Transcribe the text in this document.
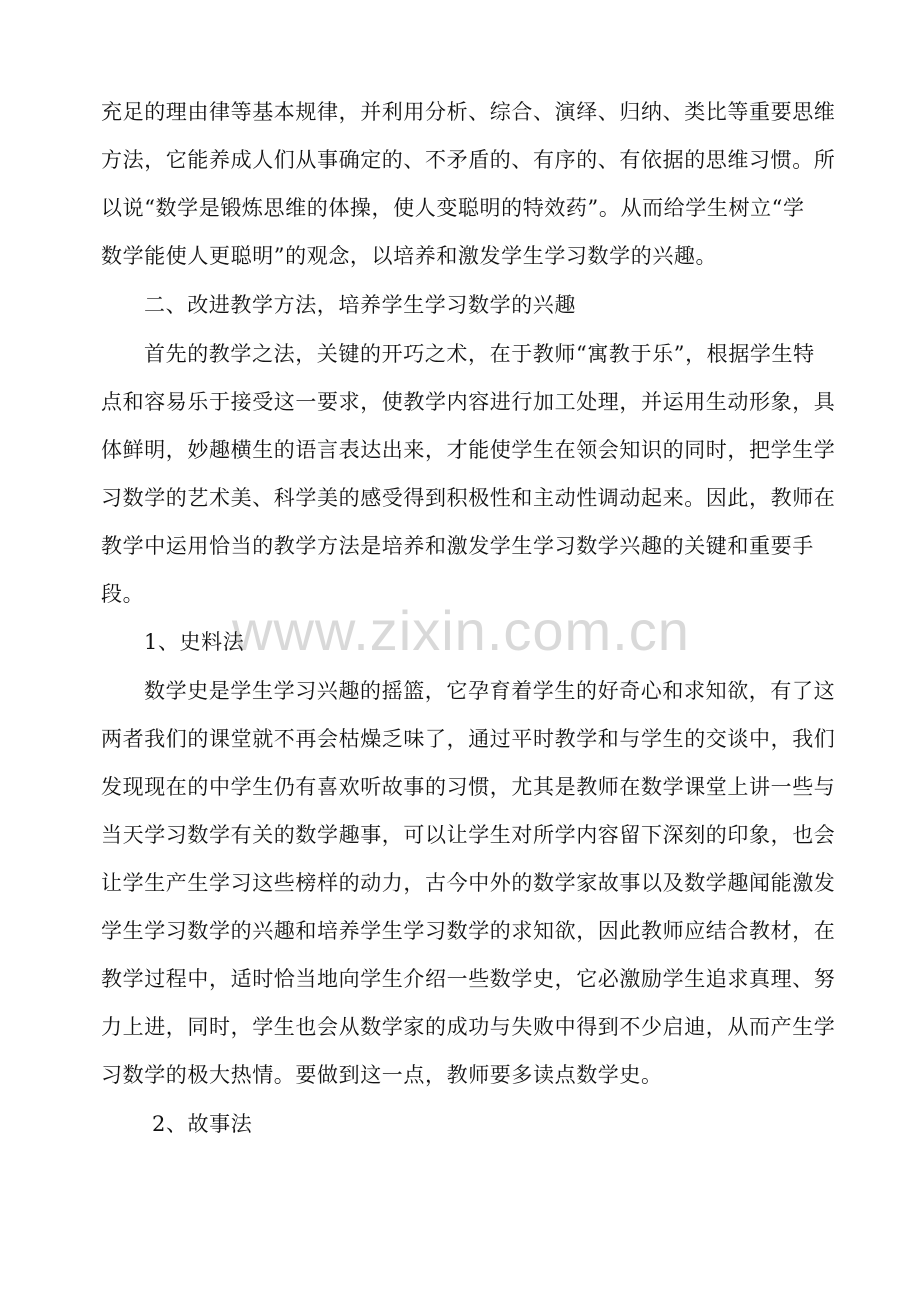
www.zixin.com.cn
充足的理由律等基本规律，并利用分析、综合、演绎、归纳、类比等重要思维
方法，它能养成人们从事确定的、不矛盾的、有序的、有依据的思维习惯。所
以说“数学是锻炼思维的体操，使人变聪明的特效药”。从而给学生树立“学
数学能使人更聪明”的观念，以培养和激发学生学习数学的兴趣。
二、改进教学方法，培养学生学习数学的兴趣
首先的教学之法，关键的开巧之术，在于教师“寓教于乐”，根据学生特
点和容易乐于接受这一要求，使教学内容进行加工处理，并运用生动形象，具
体鲜明，妙趣横生的语言表达出来，才能使学生在领会知识的同时，把学生学
习数学的艺术美、科学美的感受得到积极性和主动性调动起来。因此，教师在
教学中运用恰当的教学方法是培养和激发学生学习数学兴趣的关键和重要手
段。
1、史料法
数学史是学生学习兴趣的摇篮，它孕育着学生的好奇心和求知欲，有了这
两者我们的课堂就不再会枯燥乏味了，通过平时教学和与学生的交谈中，我们
发现现在的中学生仍有喜欢听故事的习惯，尤其是教师在数学课堂上讲一些与
当天学习数学有关的数学趣事，可以让学生对所学内容留下深刻的印象，也会
让学生产生学习这些榜样的动力，古今中外的数学家故事以及数学趣闻能激发
学生学习数学的兴趣和培养学生学习数学的求知欲，因此教师应结合教材，在
教学过程中，适时恰当地向学生介绍一些数学史，它必激励学生追求真理、努
力上进，同时，学生也会从数学家的成功与失败中得到不少启迪，从而产生学
习数学的极大热情。要做到这一点，教师要多读点数学史。
2、故事法
